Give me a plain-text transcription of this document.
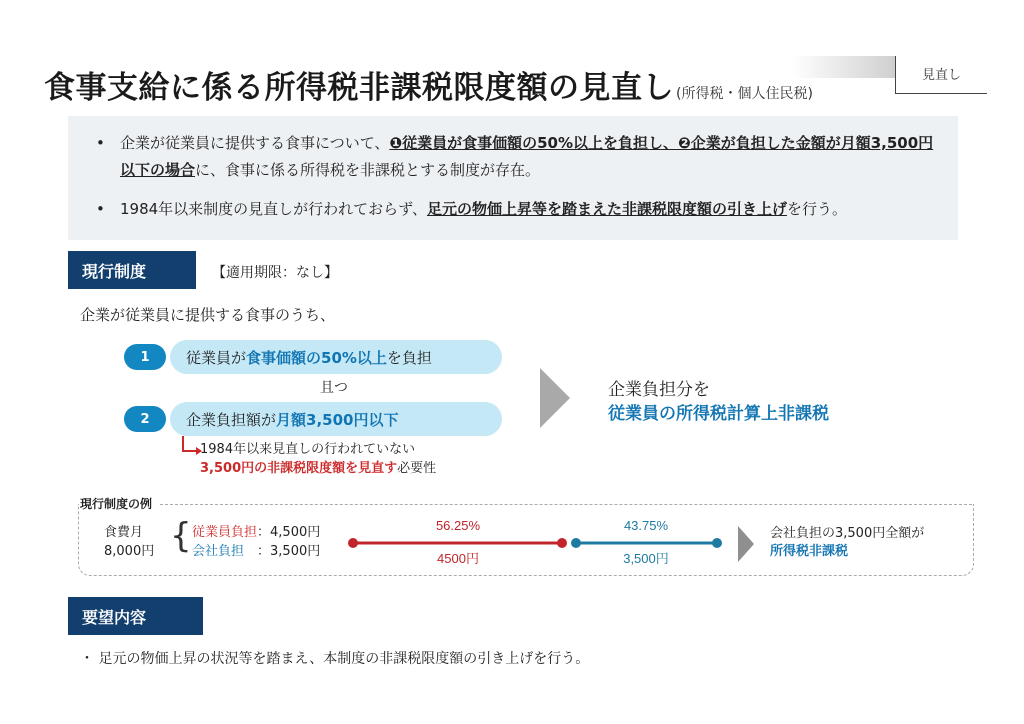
見直し
食事支給に係る所得税非課税限度額の見直し (所得税・個人住民税)
• 企業が従業員に提供する食事について、❶従業員が食事価額の50%以上を負担し、❷企業が負担した金額が月額3,500円以下の場合に、食事に係る所得税を非課税とする制度が存在。
• 1984年以来制度の見直しが行われておらず、足元の物価上昇等を踏まえた非課税限度額の引き上げを行う。
現行制度	【適用期限：なし】
企業が従業員に提供する食事のうち、
従業員が 食事価額の50%以上 を負担
1
且つ
企業負担額が 月額3,500円以下
2
1984年以来見直しの行われていない
3,500円の非課税限度額を見直す必要性
企業負担分を
従業員の所得税計算上非課税
現行制度の例
食費月
8,000円 { 従業員負担：4,500円
会社負担　：3,500円
56.25%
4500円
43.75%
3,500円
会社負担の3,500円全額が
所得税非課税
要望内容
・ 足元の物価上昇の状況等を踏まえ、本制度の非課税限度額の引き上げを行う。
